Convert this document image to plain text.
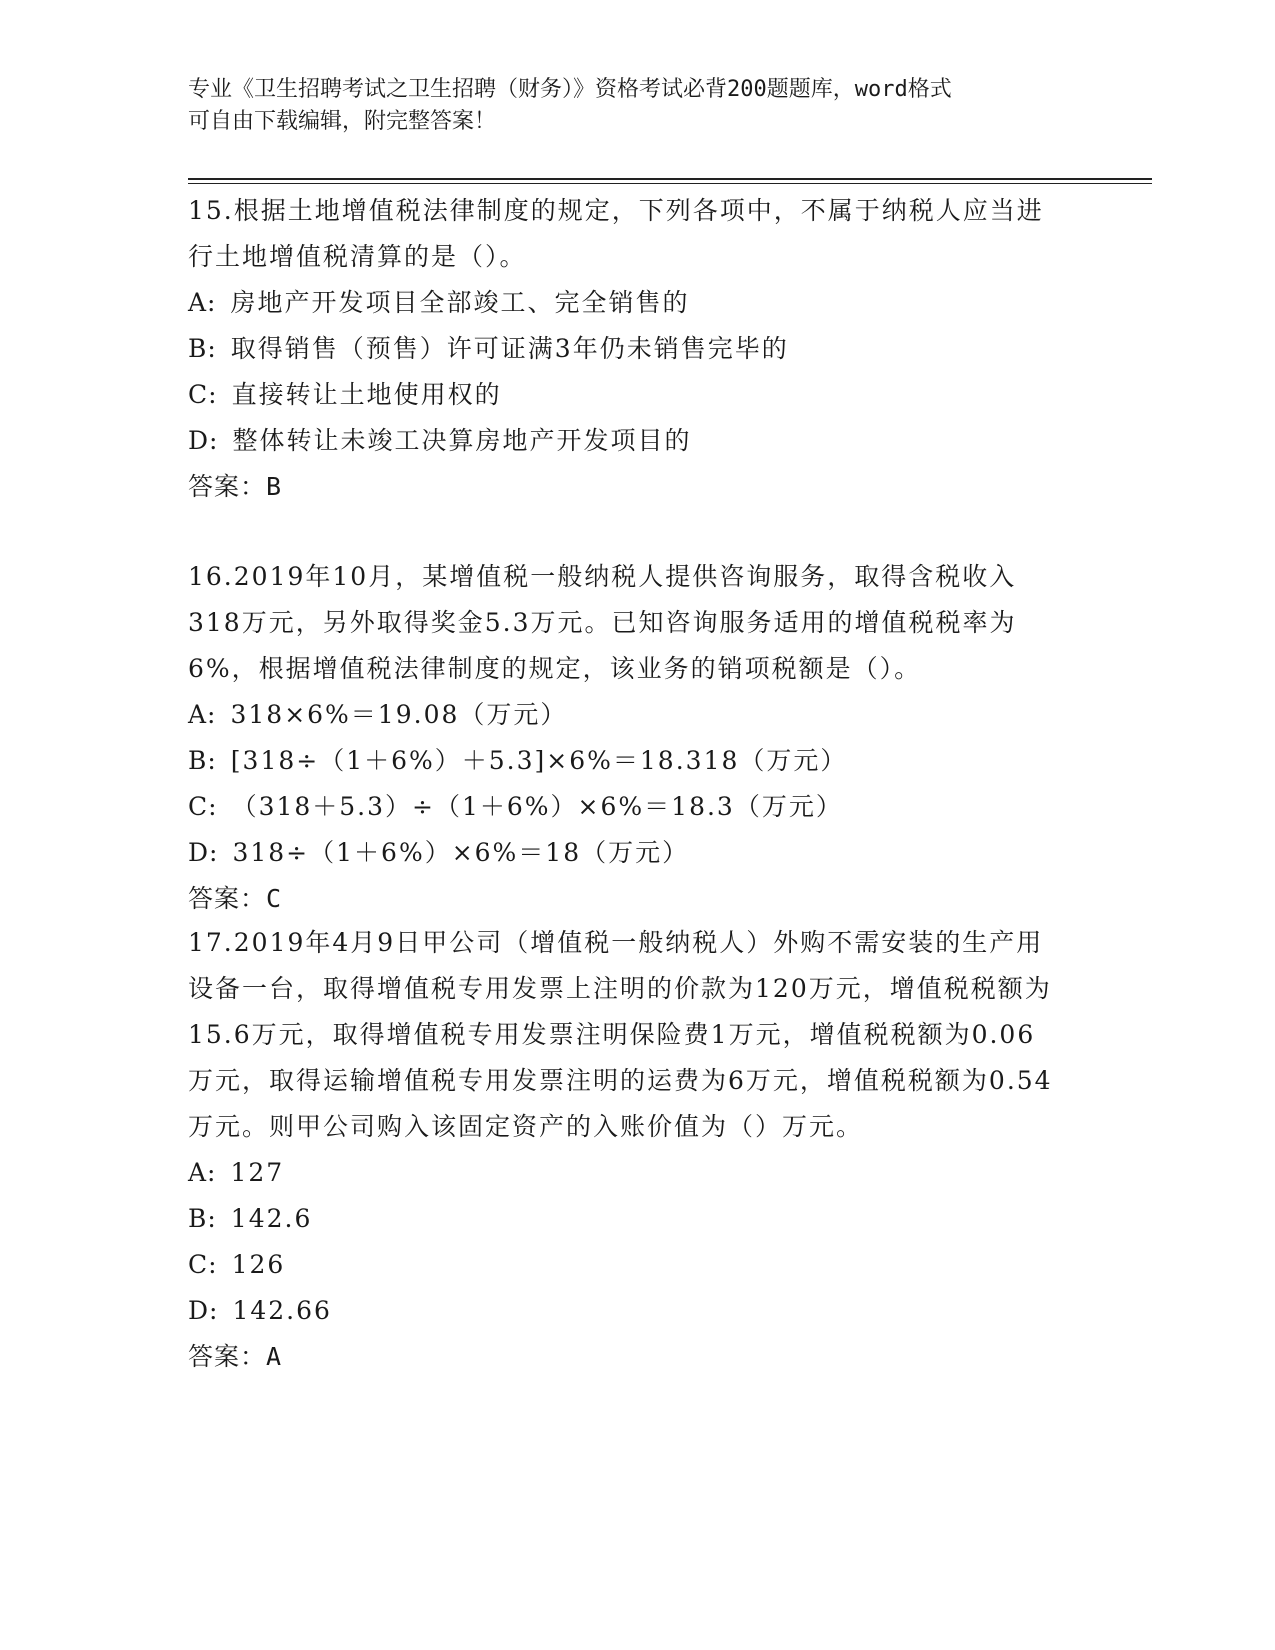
专业《卫生招聘考试之卫生招聘（财务）》资格考试必背200题题库，word格式
可自由下载编辑，附完整答案！

15.根据土地增值税法律制度的规定，下列各项中，不属于纳税人应当进行土地增值税清算的是（）。

A: 房地产开发项目全部竣工、完全销售的
B: 取得销售（预售）许可证满3年仍未销售完毕的
C: 直接转让土地使用权的
D: 整体转让未竣工决算房地产开发项目的
答案：B

16.2019年10月，某增值税一般纳税人提供咨询服务，取得含税收入318万元，另外取得奖金5.3万元。已知咨询服务适用的增值税税率为6%，根据增值税法律制度的规定，该业务的销项税额是（）。

A: 318×6%＝19.08（万元）
B: [318÷（1＋6%）＋5.3]×6%＝18.318（万元）
C: （318＋5.3）÷（1＋6%）×6%＝18.3（万元）
D: 318÷（1＋6%）×6%＝18（万元）
答案：C

17.2019年4月9日甲公司（增值税一般纳税人）外购不需安装的生产用设备一台，取得增值税专用发票上注明的价款为120万元，增值税税额为15.6万元，取得增值税专用发票注明保险费1万元，增值税税额为0.06万元，取得运输增值税专用发票注明的运费为6万元，增值税税额为0.54万元。则甲公司购入该固定资产的入账价值为（）万元。

A: 127
B: 142.6
C: 126
D: 142.66
答案：A
